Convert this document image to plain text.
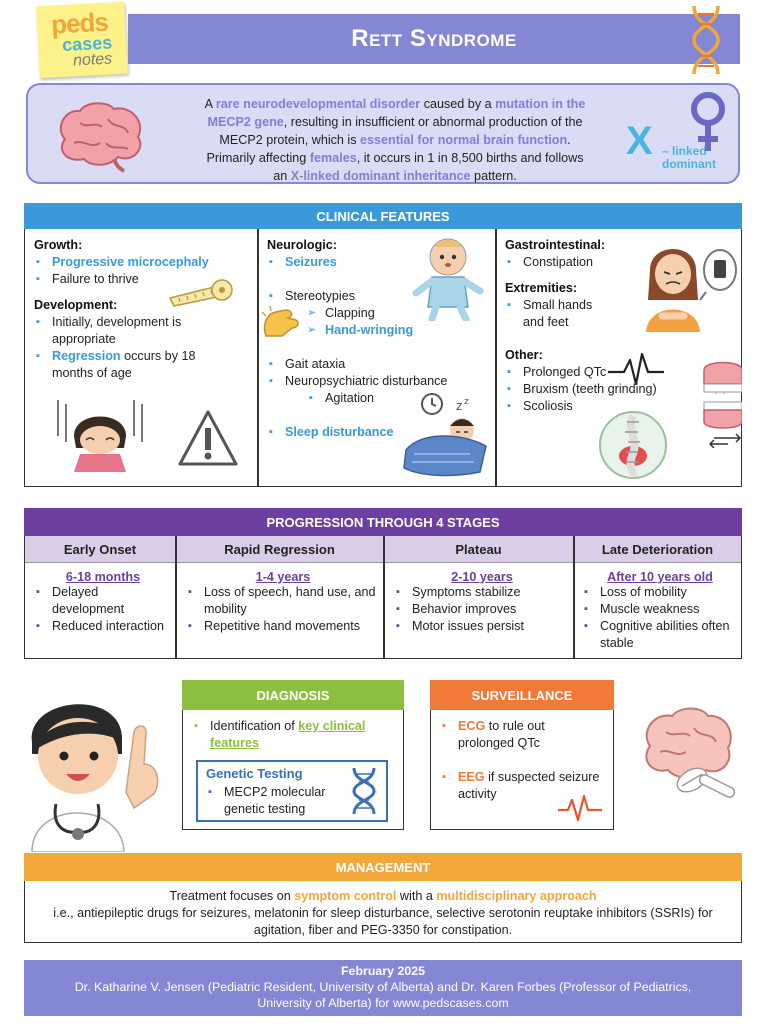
peds
cases
notes
Rett Syndrome
A rare neurodevelopmental disorder caused by a mutation in the MECP2 gene, resulting in insufficient or abnormal production of the MECP2 protein, which is essential for normal brain function. Primarily affecting females, it occurs in 1 in 8,500 births and follows an X-linked dominant inheritance pattern.
X – linked dominant
CLINICAL FEATURES
Growth:
▪ Progressive microcephaly
▪ Failure to thrive
Development:
▪ Initially, development is appropriate
▪ Regression occurs by 18 months of age
Neurologic:
▪ Seizures
▪ Stereotypies
➢ Clapping
➢ Hand-wringing
▪ Gait ataxia
▪ Neuropsychiatric disturbance
▪ Agitation
▪ Sleep disturbance
z z
Gastrointestinal:
▪ Constipation
Extremities:
▪ Small hands and feet
Other:
▪ Prolonged QTc
▪ Bruxism (teeth grinding)
▪ Scoliosis
PROGRESSION THROUGH 4 STAGES
Early Onset	Rapid Regression	Plateau	Late Deterioration
6-18 months
▪ Delayed development
▪ Reduced interaction
1-4 years
▪ Loss of speech, hand use, and mobility
▪ Repetitive hand movements
2-10 years
▪ Symptoms stabilize
▪ Behavior improves
▪ Motor issues persist
After 10 years old
▪ Loss of mobility
▪ Muscle weakness
▪ Cognitive abilities often stable
DIAGNOSIS
▪ Identification of key clinical features
Genetic Testing
▪ MECP2 molecular genetic testing
SURVEILLANCE
▪ ECG to rule out prolonged QTc
▪ EEG if suspected seizure activity
MANAGEMENT
Treatment focuses on symptom control with a multidisciplinary approach
i.e., antiepileptic drugs for seizures, melatonin for sleep disturbance, selective serotonin reuptake inhibitors (SSRIs) for agitation, fiber and PEG-3350 for constipation.
February 2025
Dr. Katharine V. Jensen (Pediatric Resident, University of Alberta) and Dr. Karen Forbes (Professor of Pediatrics, University of Alberta) for www.pedscases.com
